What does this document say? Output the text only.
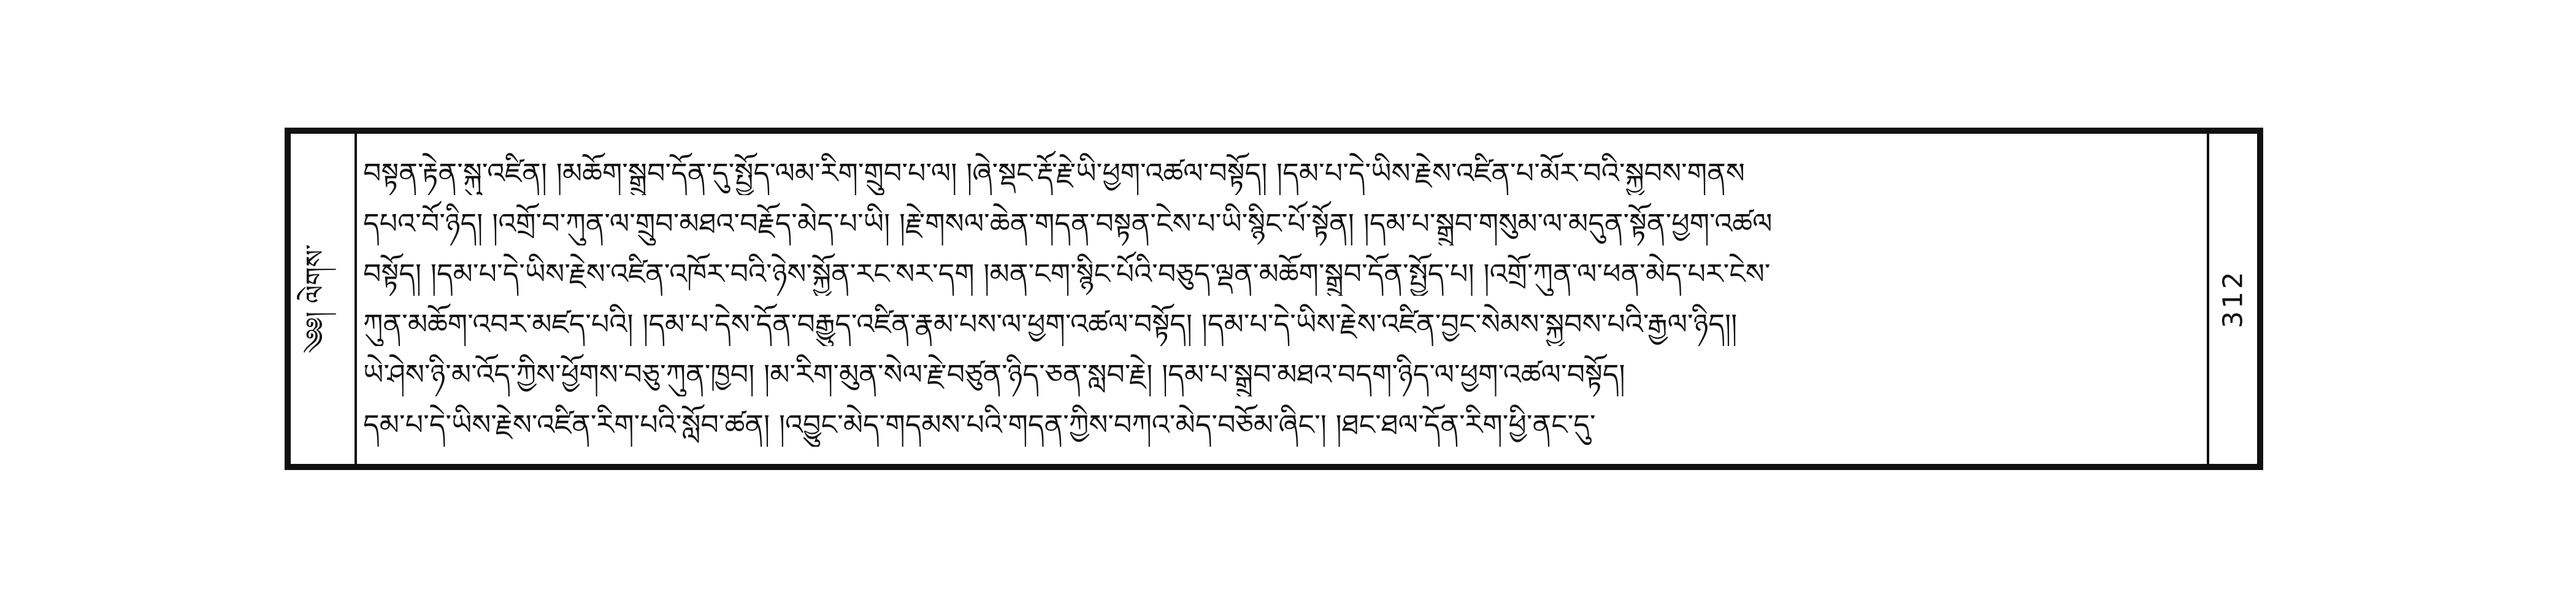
༄༅། ལེགས་
བསྟན་རྟེན་སྐུ་འཛིན། །མཆོག་སྒྲུབ་དོན་དུ་སྤྱོད་ལམ་རིག་གྲུབ་པ་ལ། །ཞེ་སྡང་རྡོ་རྗེ་ཡི་ཕྱག་འཚལ་བསྟོད། །དམ་པ་དེ་ཡིས་རྗེས་འཛིན་པ་མོར་བའི་སྐྱབས་གནས
དཔའ་བོ་ཉིད། །འགྲོ་བ་ཀུན་ལ་གྲུབ་མཐའ་བརྗོད་མེད་པ་ཡི། །རྗེ་གསལ་ཆེན་གདན་བསྟན་ངེས་པ་ཡི་སྙིང་པོ་སྟོན། །དམ་པ་སྒྲུབ་གསུམ་ལ་མདུན་སྟོན་ཕྱག་འཚལ
བསྟོད། །དམ་པ་དེ་ཡིས་རྗེས་འཛིན་འཁོར་བའི་ཉེས་སྐྱོན་རང་སར་དག །མན་ངག་སྙིང་པོའི་བཅུད་ལྡན་མཆོག་སྒྲུབ་དོན་སྤྱོད་པ། །འགྲོ་ཀུན་ལ་ཕན་མེད་པར་ངེས་
ཀུན་མཆོག་འབར་མཛད་པའི། །དམ་པ་དེས་དོན་བརྒྱུད་འཛིན་རྣམ་པས་ལ་ཕྱག་འཚལ་བསྟོད། །དམ་པ་དེ་ཡིས་རྗེས་འཛིན་བྱང་སེམས་སྐྱབས་པའི་རྒྱལ་ཉིད།།
ཡེ་ཤེས་ཉི་མ་འོད་ཀྱིས་ཕྱོགས་བཅུ་ཀུན་ཁྱབ། །མ་རིག་མུན་སེལ་རྗེ་བཙུན་ཉིད་ཅན་སླབ་རྗེ། །དམ་པ་སྒྲུབ་མཐའ་བདག་ཉིད་ལ་ཕྱག་འཚལ་བསྟོད།
དམ་པ་དེ་ཡིས་རྗེས་འཛིན་རིག་པའི་སློབ་ཚན། །འབྱུང་མེད་གདམས་པའི་གདན་ཀྱིས་བཀའ་མེད་བཅོམ་ཞིང་། །ཐང་ཐལ་དོན་རིག་ཕྱི་ནང་དུ་
312
